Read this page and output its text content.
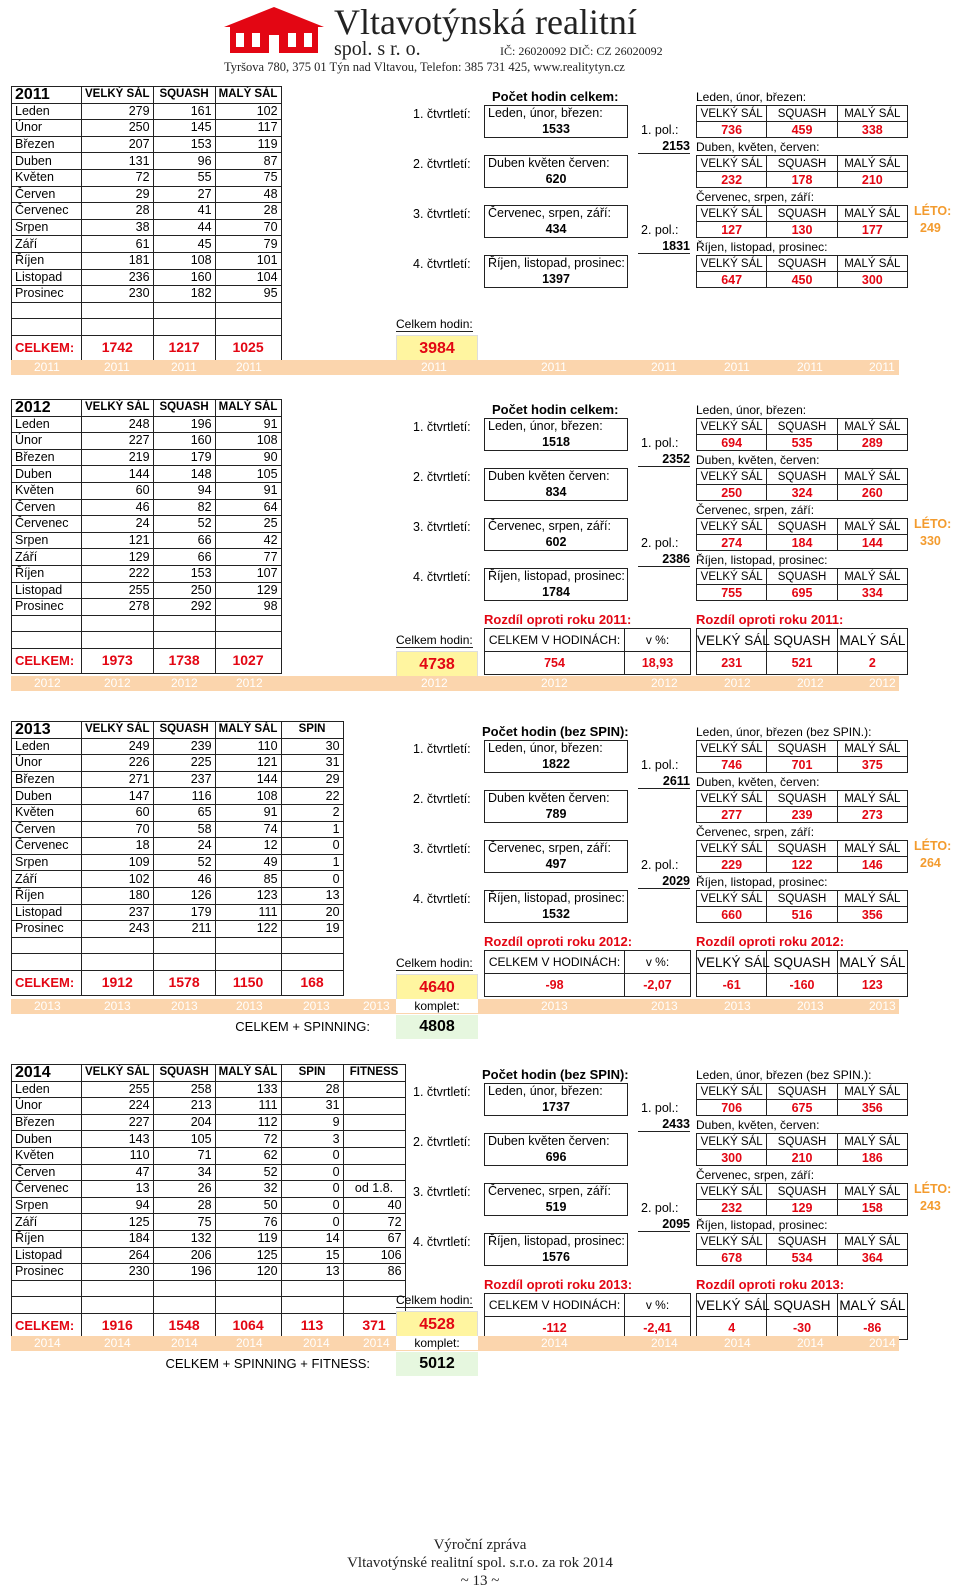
Vltavotýnská realitní
spol. s r. o.	IČ: 26020092 DIČ: CZ 26020092
Tyršova 780, 375 01 Týn nad Vltavou, Telefon: 385 731 425, www.realitytyn.cz
2011	VELKÝ SÁL	SQUASH	MALÝ SÁL
Leden	279	161	102
Únor	250	145	117
Březen	207	153	119
Duben	131	96	87
Květen	72	55	75
Červen	29	27	48
Červenec	28	41	28
Srpen	38	44	70
Září	61	45	79
Říjen	181	108	101
Listopad	236	160	104
Prosinec	230	182	95

CELKEM:	1742	1217	1025
Počet hodin celkem:	Leden, únor, březen:
1. čtvrtletí: Leden, únor, březen:
1533
VELKÝ SÁL	SQUASH	MALÝ SÁL
736	459	338
2. čtvrtletí: Duben květen červen:
620
Duben, květen, červen:
VELKÝ SÁL	SQUASH	MALÝ SÁL
232	178	210
3. čtvrtletí: Červenec, srpen, září:
434
Červenec, srpen, září:
VELKÝ SÁL	SQUASH	MALÝ SÁL
127	130	177
4. čtvrtletí: Říjen, listopad, prosinec:
1397
Říjen, listopad, prosinec:
VELKÝ SÁL	SQUASH	MALÝ SÁL
647	450	300
1. pol.:
2153
2. pol.:
1831
LÉTO:
249
Celkem hodin:
3984
2011	2011	2011	2011	2011	2011	2011	2011	2011	2011
2012	VELKÝ SÁL	SQUASH	MALÝ SÁL
Leden	248	196	91
Únor	227	160	108
Březen	219	179	90
Duben	144	148	105
Květen	60	94	91
Červen	46	82	64
Červenec	24	52	25
Srpen	121	66	42
Září	129	66	77
Říjen	222	153	107
Listopad	255	250	129
Prosinec	278	292	98

CELKEM:	1973	1738	1027
Počet hodin celkem:	Leden, únor, březen:
1. čtvrtletí: Leden, únor, březen:
1518
VELKÝ SÁL	SQUASH	MALÝ SÁL
694	535	289
2. čtvrtletí: Duben květen červen:
834
Duben, květen, červen:
VELKÝ SÁL	SQUASH	MALÝ SÁL
250	324	260
3. čtvrtletí: Červenec, srpen, září:
602
Červenec, srpen, září:
VELKÝ SÁL	SQUASH	MALÝ SÁL
274	184	144
4. čtvrtletí: Říjen, listopad, prosinec:
1784
Říjen, listopad, prosinec:
VELKÝ SÁL	SQUASH	MALÝ SÁL
755	695	334
1. pol.:
2352
2. pol.:
2386
LÉTO:
330
Rozdíl oproti roku 2011:	Rozdíl oproti roku 2011:
CELKEM V HODINÁCH:	v %:
754	18,93
VELKÝ SÁL	SQUASH	MALÝ SÁL
231	521	2
Celkem hodin:
4738
2012	2012	2012	2012	2012	2012	2012	2012	2012	2012
2013	VELKÝ SÁL	SQUASH	MALÝ SÁL	SPIN
Leden	249	239	110	30
Únor	226	225	121	31
Březen	271	237	144	29
Duben	147	116	108	22
Květen	60	65	91	2
Červen	70	58	74	1
Červenec	18	24	12	0
Srpen	109	52	49	1
Září	102	46	85	0
Říjen	180	126	123	13
Listopad	237	179	111	20
Prosinec	243	211	122	19

CELKEM:	1912	1578	1150	168
Počet hodin (bez SPIN):	Leden, únor, březen (bez SPIN.):
1. čtvrtletí: Leden, únor, březen:
1822
VELKÝ SÁL	SQUASH	MALÝ SÁL
746	701	375
2. čtvrtletí: Duben květen červen:
789
Duben, květen, červen:
VELKÝ SÁL	SQUASH	MALÝ SÁL
277	239	273
3. čtvrtletí: Červenec, srpen, září:
497
Červenec, srpen, září:
VELKÝ SÁL	SQUASH	MALÝ SÁL
229	122	146
4. čtvrtletí: Říjen, listopad, prosinec:
1532
Říjen, listopad, prosinec:
VELKÝ SÁL	SQUASH	MALÝ SÁL
660	516	356
1. pol.:
2611
2. pol.:
2029
LÉTO:
264
Rozdíl oproti roku 2012:	Rozdíl oproti roku 2012:
CELKEM V HODINÁCH:	v %:
-98	-2,07
VELKÝ SÁL	SQUASH	MALÝ SÁL
-61	-160	123
Celkem hodin:
4640
2013	2013	2013	2013	2013	2013	2013	2013	2013	2013	2013
komplet:
4808
CELKEM + SPINNING:
2014	VELKÝ SÁL	SQUASH	MALÝ SÁL	SPIN	FITNESS
Leden	255	258	133	28	
Únor	224	213	111	31	
Březen	227	204	112	9	
Duben	143	105	72	3	
Květen	110	71	62	0	
Červen	47	34	52	0	
Červenec	13	26	32	0	od 1.8.
Srpen	94	28	50	0	40
Září	125	75	76	0	72
Říjen	184	132	119	14	67
Listopad	264	206	125	15	106
Prosinec	230	196	120	13	86

CELKEM:	1916	1548	1064	113	371
Počet hodin (bez SPIN):	Leden, únor, březen (bez SPIN.):
1. čtvrtletí: Leden, únor, březen:
1737
VELKÝ SÁL	SQUASH	MALÝ SÁL
706	675	356
2. čtvrtletí: Duben květen červen:
696
Duben, květen, červen:
VELKÝ SÁL	SQUASH	MALÝ SÁL
300	210	186
3. čtvrtletí: Červenec, srpen, září:
519
Červenec, srpen, září:
VELKÝ SÁL	SQUASH	MALÝ SÁL
232	129	158
4. čtvrtletí: Říjen, listopad, prosinec:
1576
Říjen, listopad, prosinec:
VELKÝ SÁL	SQUASH	MALÝ SÁL
678	534	364
1. pol.:
2433
2. pol.:
2095
LÉTO:
243
Rozdíl oproti roku 2013:	Rozdíl oproti roku 2013:
CELKEM V HODINÁCH:	v %:
-112	-2,41
VELKÝ SÁL	SQUASH	MALÝ SÁL
4	-30	-86
Celkem hodin:
4528
2014	2014	2014	2014	2014	2014	2014	2014	2014	2014	2014
komplet:
5012
CELKEM + SPINNING + FITNESS:
Výroční zpráva
Vltavotýnské realitní spol. s.r.o. za rok 2014
~ 13 ~
